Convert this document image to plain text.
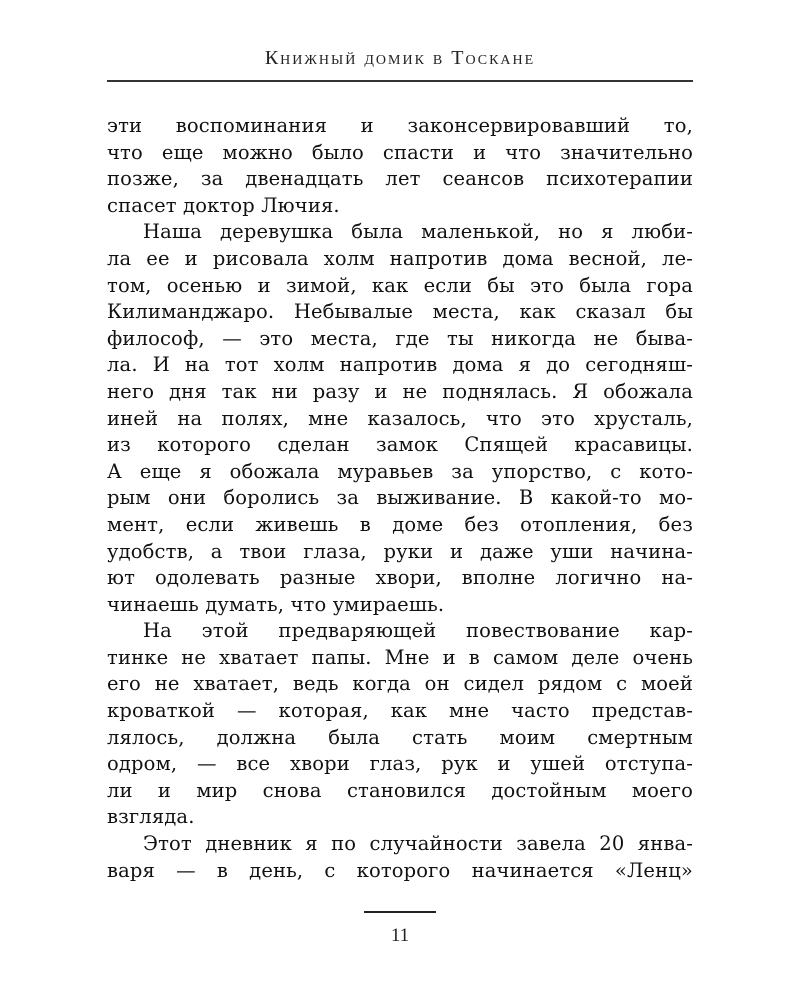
Книжный домик в Тоскане
эти воспоминания и законсервировавший то,
что еще можно было спасти и что значительно
позже, за двенадцать лет сеансов психотерапии
спасет доктор Лючия.
Наша деревушка была маленькой, но я люби-
ла ее и рисовала холм напротив дома весной, ле-
том, осенью и зимой, как если бы это была гора
Килиманджаро. Небывалые места, как сказал бы
философ, — это места, где ты никогда не быва-
ла. И на тот холм напротив дома я до сегодняш-
него дня так ни разу и не поднялась. Я обожала
иней на полях, мне казалось, что это хрусталь,
из которого сделан замок Спящей красавицы.
А еще я обожала муравьев за упорство, с кото-
рым они боролись за выживание. В какой-то мо-
мент, если живешь в доме без отопления, без
удобств, а твои глаза, руки и даже уши начина-
ют одолевать разные хвори, вполне логично на-
чинаешь думать, что умираешь.
На этой предваряющей повествование кар-
тинке не хватает папы. Мне и в самом деле очень
его не хватает, ведь когда он сидел рядом с моей
кроваткой — которая, как мне часто представ-
лялось, должна была стать моим смертным
одром, — все хвори глаз, рук и ушей отступа-
ли и мир снова становился достойным моего
взгляда.
Этот дневник я по случайности завела 20 янва-
варя — в день, с которого начинается «Ленц»
11
